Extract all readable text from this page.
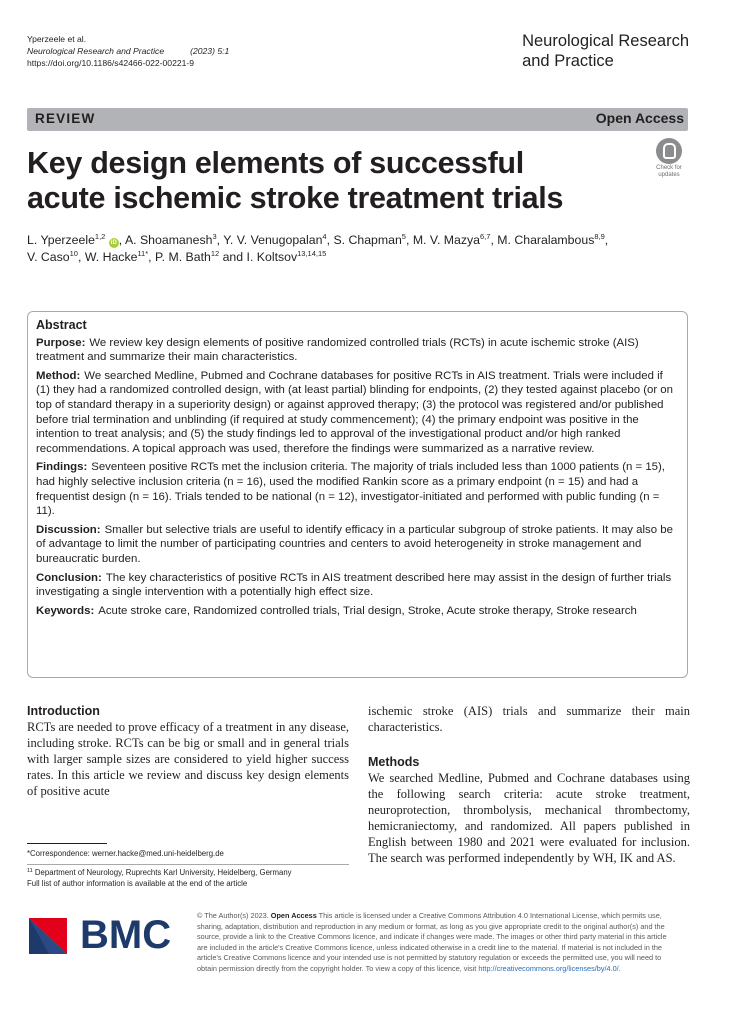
Yperzeele et al.
Neurological Research and Practice	(2023) 5:1
https://doi.org/10.1186/s42466-022-00221-9
Neurological Research
and Practice
REVIEW	Open Access
Key design elements of successful acute ischemic stroke treatment trials
Check for
updates
L. Yperzeele$^{1,2}$ iD , A. Shoamanesh$^3$, Y. V. Venugopalan$^4$, S. Chapman$^5$, M. V. Mazya$^{6,7}$, M. Charalambous$^{8,9}$,
V. Caso$^{10}$, W. Hacke$^{11*}$, P. M. Bath$^{12}$ and I. Koltsov$^{13,14,15}$
Abstract

Purpose: We review key design elements of positive randomized controlled trials (RCTs) in acute ischemic stroke (AIS) treatment and summarize their main characteristics.

Method: We searched Medline, Pubmed and Cochrane databases for positive RCTs in AIS treatment. Trials were included if (1) they had a randomized controlled design, with (at least partial) blinding for endpoints, (2) they tested against placebo (or on top of standard therapy in a superiority design) or against approved therapy; (3) the protocol was registered and/or published before trial termination and unblinding (if required at study commencement); (4) the primary endpoint was positive in the intention to treat analysis; and (5) the study findings led to approval of the investigational product and/or high ranked recommendations. A topical approach was used, therefore the findings were summarized as a narrative review.

Findings: Seventeen positive RCTs met the inclusion criteria. The majority of trials included less than 1000 patients (n = 15), had highly selective inclusion criteria (n = 16), used the modified Rankin score as a primary endpoint (n = 15) and had a frequentist design (n = 16). Trials tended to be national (n = 12), investigator-initiated and performed with public funding (n = 11).

Discussion: Smaller but selective trials are useful to identify efficacy in a particular subgroup of stroke patients. It may also be of advantage to limit the number of participating countries and centers to avoid heterogeneity in stroke management and bureaucratic burden.

Conclusion: The key characteristics of positive RCTs in AIS treatment described here may assist in the design of further trials investigating a single intervention with a potentially high effect size.

Keywords: Acute stroke care, Randomized controlled trials, Trial design, Stroke, Acute stroke therapy, Stroke research

Introduction

RCTs are needed to prove efficacy of a treatment in any disease, including stroke. RCTs can be big or small and in general trials with larger sample sizes are considered to yield higher success rates. In this article we review and discuss key design elements of positive acute

ischemic stroke (AIS) trials and summarize their main characteristics.

Methods

We searched Medline, Pubmed and Cochrane databases using the following search criteria: acute stroke treatment, neuroprotection, thrombolysis, mechanical thrombectomy, hemicraniectomy, and randomized. All papers published in English between 1980 and 2021 were evaluated for inclusion. The search was performed independently by WH, IK and AS.

*Correspondence: werner.hacke@med.uni-heidelberg.de
$^{11}$ Department of Neurology, Ruprechts Karl University, Heidelberg, Germany
Full list of author information is available at the end of the article
BMC	© The Author(s) 2023. Open Access This article is licensed under a Creative Commons Attribution 4.0 International License, which permits use, sharing, adaptation, distribution and reproduction in any medium or format, as long as you give appropriate credit to the original author(s) and the source, provide a link to the Creative Commons licence, and indicate if changes were made. The images or other third party material in this article are included in the article's Creative Commons licence, unless indicated otherwise in a credit line to the material. If material is not included in the article's Creative Commons licence and your intended use is not permitted by statutory regulation or exceeds the permitted use, you will need to obtain permission directly from the copyright holder. To view a copy of this licence, visit http://creativecommons.org/licenses/by/4.0/.
